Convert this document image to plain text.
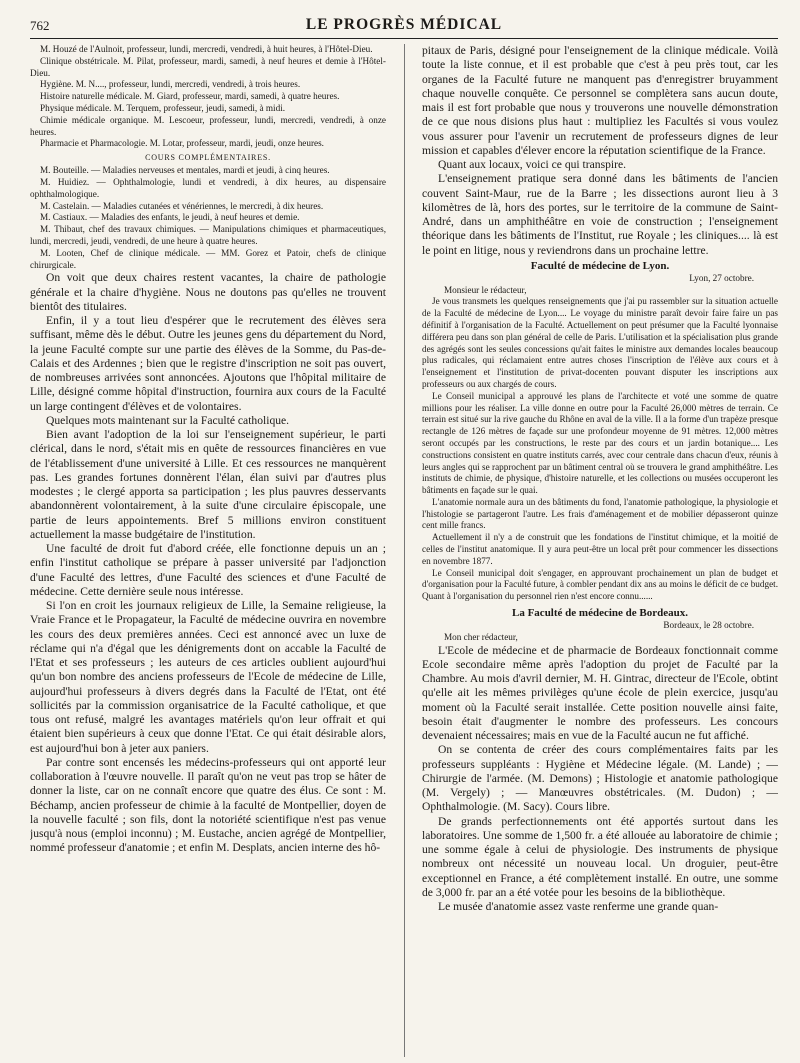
762	LE PROGRÈS MÉDICAL

M. Houzé de l'Aulnoit, professeur, lundi, mercredi, vendredi, à huit heures, à l'Hôtel-Dieu.

Clinique obstétricale. M. Pilat, professeur, mardi, samedi, à neuf heures et demie à l'Hôtel-Dieu.

Hygiène. M. N...., professeur, lundi, mercredi, vendredi, à trois heures.

Histoire naturelle médicale. M. Giard, professeur, mardi, samedi, à quatre heures.

Physique médicale. M. Terquem, professeur, jeudi, samedi, à midi.

Chimie médicale organique. M. Lescoeur, professeur, lundi, mercredi, vendredi, à onze heures.

Pharmacie et Pharmacologie. M. Lotar, professeur, mardi, jeudi, onze heures.

COURS COMPLÉMENTAIRES.

M. Bouteille. — Maladies nerveuses et mentales, mardi et jeudi, à cinq heures.

M. Huidiez. — Ophthalmologie, lundi et vendredi, à dix heures, au dispensaire ophthalmologique.

M. Castelain. — Maladies cutanées et vénériennes, le mercredi, à dix heures.

M. Castiaux. — Maladies des enfants, le jeudi, à neuf heures et demie.

M. Thibaut, chef des travaux chimiques. — Manipulations chimiques et pharmaceutiques, lundi, mercredi, jeudi, vendredi, de une heure à quatre heures.

M. Looten, Chef de clinique médicale. — MM. Gorez et Patoir, chefs de clinique chirurgicale.

On voit que deux chaires restent vacantes, la chaire de pathologie générale et la chaire d'hygiène. Nous ne doutons pas qu'elles ne trouvent bientôt des titulaires.

Enfin, il y a tout lieu d'espérer que le recrutement des élèves sera suffisant, même dès le début. Outre les jeunes gens du département du Nord, la jeune Faculté compte sur une partie des élèves de la Somme, du Pas-de-Calais et des Ardennes ; bien que le registre d'inscription ne soit pas ouvert, de nombreuses arrivées sont annoncées. Ajoutons que l'hôpital militaire de Lille, désigné comme hôpital d'instruction, fournira aux cours de la Faculté un large contingent d'élèves et de volontaires.

Quelques mots maintenant sur la Faculté catholique.

Bien avant l'adoption de la loi sur l'enseignement supérieur, le parti clérical, dans le nord, s'était mis en quête de ressources financières en vue de l'établissement d'une université à Lille. Et ces ressources ne manquèrent pas. Les grandes fortunes donnèrent l'élan, élan suivi par d'autres plus modestes ; le clergé apporta sa participation ; les plus pauvres desservants abandonnèrent volontairement, à la suite d'une circulaire épiscopale, une partie de leurs appointements. Bref 5 millions environ constituent actuellement la masse budgétaire de l'institution.

Une faculté de droit fut d'abord créée, elle fonctionne depuis un an ; enfin l'institut catholique se prépare à passer université par l'adjonction d'une Faculté des lettres, d'une Faculté des sciences et d'une Faculté de médecine. Cette dernière seule nous intéresse.

Si l'on en croit les journaux religieux de Lille, la Semaine religieuse, la Vraie France et le Propagateur, la Faculté de médecine ouvrira en novembre les cours des deux premières années. Ceci est annoncé avec un luxe de réclame qui n'a d'égal que les dénigrements dont on accable la Faculté de l'Etat et ses professeurs ; les auteurs de ces articles oublient aujourd'hui qu'un bon nombre des anciens professeurs de l'Ecole de médecine de Lille, aujourd'hui professeurs à divers degrés dans la Faculté de l'Etat, ont été sollicités par la commission organisatrice de la Faculté catholique, et que tous ont refusé, malgré les avantages matériels qu'on leur offrait et qui étaient bien supérieurs à ceux que donne l'Etat. Ce qui était désirable alors, est aujourd'hui bon à jeter aux paniers.

Par contre sont encensés les médecins-professeurs qui ont apporté leur collaboration à l'œuvre nouvelle. Il paraît qu'on ne veut pas trop se hâter de donner la liste, car on ne connaît encore que quatre des élus. Ce sont : M. Béchamp, ancien professeur de chimie à la faculté de Montpellier, doyen de la nouvelle faculté ; son fils, dont la notoriété scientifique n'est pas venue jusqu'à nous (emploi inconnu) ; M. Eustache, ancien agrégé de Montpellier, nommé professeur d'anatomie ; et enfin M. Desplats, ancien interne des hô-

pitaux de Paris, désigné pour l'enseignement de la clinique médicale. Voilà toute la liste connue, et il est probable que c'est à peu près tout, car les organes de la Faculté future ne manquent pas d'enregistrer bruyamment chaque nouvelle conquête. Ce personnel se complètera sans aucun doute, mais il est fort probable que nous y trouverons une nouvelle démonstration de ce que nous disions plus haut : multipliez les Facultés si vous voulez vous assurer pour l'avenir un recrutement de professeurs dignes de leur mission et capables d'élever encore la réputation scientifique de la France.

Quant aux locaux, voici ce qui transpire.

L'enseignement pratique sera donné dans les bâtiments de l'ancien couvent Saint-Maur, rue de la Barre ; les dissections auront lieu à 3 kilomètres de là, hors des portes, sur le territoire de la commune de Saint-André, dans un amphithéâtre en voie de construction ; l'enseignement théorique dans les bâtiments de l'Institut, rue Royale ; les cliniques.... là est le point en litige, nous y reviendrons dans un prochaine lettre.

Faculté de médecine de Lyon.

Lyon, 27 octobre.

Monsieur le rédacteur,

Je vous transmets les quelques renseignements que j'ai pu rassembler sur la situation actuelle de la Faculté de médecine de Lyon.... Le voyage du ministre paraît devoir faire faire un pas définitif à l'organisation de la Faculté. Actuellement on peut présumer que la Faculté lyonnaise différera peu dans son plan général de celle de Paris. L'utilisation et la spécialisation plus grande des agrégés sont les seules concessions qu'ait faites le ministre aux demandes locales beaucoup plus radicales, qui réclamaient entre autres choses l'inscription de l'élève aux cours et à l'enseignement et l'institution de privat-docenten pouvant disputer les inscriptions aux professeurs ou aux chargés de cours.

Le Conseil municipal a approuvé les plans de l'architecte et voté une somme de quatre millions pour les réaliser. La ville donne en outre pour la Faculté 26,000 mètres de terrain. Ce terrain est situé sur la rive gauche du Rhône en aval de la ville. Il a la forme d'un trapèze presque rectangle de 126 mètres de façade sur une profondeur moyenne de 91 mètres. 12,000 mètres seront occupés par les constructions, le reste par des cours et un jardin botanique.... Les constructions consistent en quatre instituts carrés, avec cour centrale dans chacun d'eux, réunis à leurs angles qui se rapprochent par un bâtiment central où se trouvera le grand amphithéâtre. Les instituts de chimie, de physique, d'histoire naturelle, et les collections ou musées occuperont les bâtiments en façade sur le quai.

L'anatomie normale aura un des bâtiments du fond, l'anatomie pathologique, la physiologie et l'histologie se partageront l'autre. Les frais d'aménagement et de mobilier dépasseront quinze cent mille francs.

Actuellement il n'y a de construit que les fondations de l'institut chimique, et la moitié de celles de l'institut anatomique. Il y aura peut-être un local prêt pour commencer les dissections en novembre 1877.

Le Conseil municipal doit s'engager, en approuvant prochainement un plan de budget et d'organisation pour la Faculté future, à combler pendant dix ans au moins le déficit de ce budget. Quant à l'organisation du personnel rien n'est encore connu......

La Faculté de médecine de Bordeaux.

Bordeaux, le 28 octobre.

Mon cher rédacteur,

L'Ecole de médecine et de pharmacie de Bordeaux fonctionnait comme Ecole secondaire même après l'adoption du projet de Faculté par la Chambre. Au mois d'avril dernier, M. H. Gintrac, directeur de l'Ecole, obtint qu'elle ait les mêmes privilèges qu'une école de plein exercice, jusqu'au moment où la Faculté serait installée. Cette position nouvelle ainsi faite, besoin était d'augmenter le nombre des professeurs. Les concours devenaient nécessaires; mais en vue de la Faculté aucun ne fut affiché.

On se contenta de créer des cours complémentaires faits par les professeurs suppléants : Hygiène et Médecine légale. (M. Lande) ; — Chirurgie de l'armée. (M. Demons) ; Histologie et anatomie pathologique (M. Vergely) ; — Manœuvres obstétricales. (M. Dudon) ; — Ophthalmologie. (M. Sacy). Cours libre.

De grands perfectionnements ont été apportés surtout dans les laboratoires. Une somme de 1,500 fr. a été allouée au laboratoire de chimie ; une somme égale à celui de physiologie. Des instruments de physique nombreux ont nécessité un nouveau local. Un droguier, peut-être exceptionnel en France, a été complètement installé. En outre, une somme de 3,000 fr. par an a été votée pour les besoins de la bibliothèque.

Le musée d'anatomie assez vaste renferme une grande quan-
